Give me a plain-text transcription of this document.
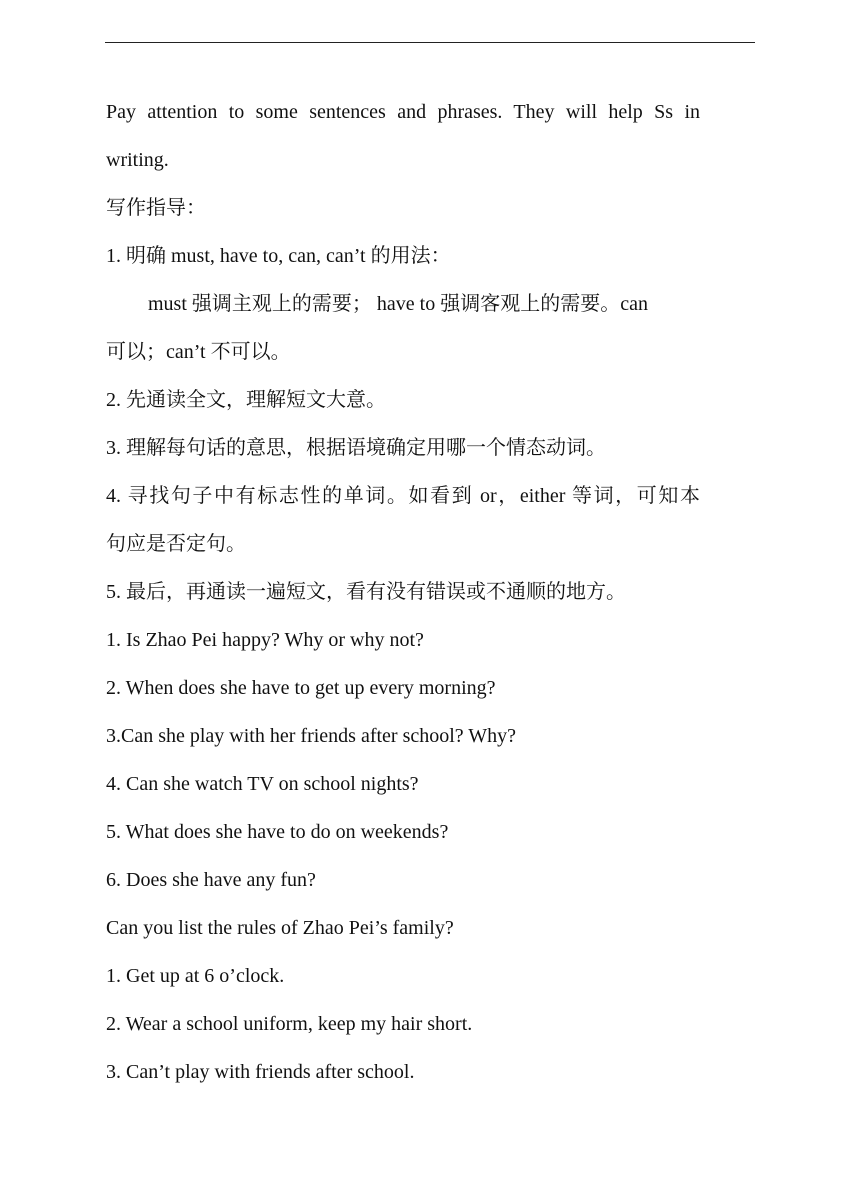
Pay attention to some sentences and phrases. They will help Ss in
writing.
写作指导：
1. 明确 must, have to, can, can’t 的用法：
must 强调主观上的需要； have to 强调客观上的需要。can
可以；can’t 不可以。
2. 先通读全文，理解短文大意。
3. 理解每句话的意思，根据语境确定用哪一个情态动词。
4. 寻找句子中有标志性的单词。如看到 or，either 等词，可知本
句应是否定句。
5. 最后，再通读一遍短文，看有没有错误或不通顺的地方。
1. Is Zhao Pei happy? Why or why not?
2. When does she have to get up every morning?
3.Can she play with her friends after school? Why?
4. Can she watch TV on school nights?
5. What does she have to do on weekends?
6. Does she have any fun?
Can you list the rules of Zhao Pei’s family?
1. Get up at 6 o’clock.
2. Wear a school uniform, keep my hair short.
3. Can’t play with friends after school.
